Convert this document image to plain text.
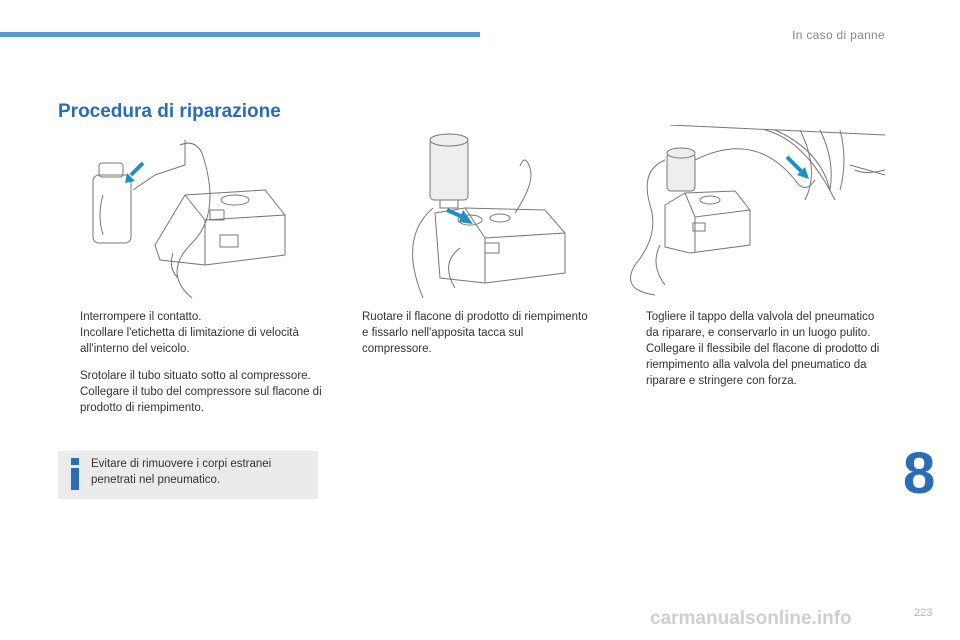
In caso di panne
Procedura di riparazione
Interrompere il contatto.
Incollare l'etichetta di limitazione di velocità all'interno del veicolo.
Srotolare il tubo situato sotto al compressore.
Collegare il tubo del compressore sul flacone di prodotto di riempimento.
Ruotare il flacone di prodotto di riempimento e fissarlo nell'apposita tacca sul compressore.
Togliere il tappo della valvola del pneumatico da riparare, e conservarlo in un luogo pulito.
Collegare il flessibile del flacone di prodotto di riempimento alla valvola del pneumatico da riparare e stringere con forza.
Evitare di rimuovere i corpi estranei penetrati nel pneumatico.	8
carmanualsonline.info	223
